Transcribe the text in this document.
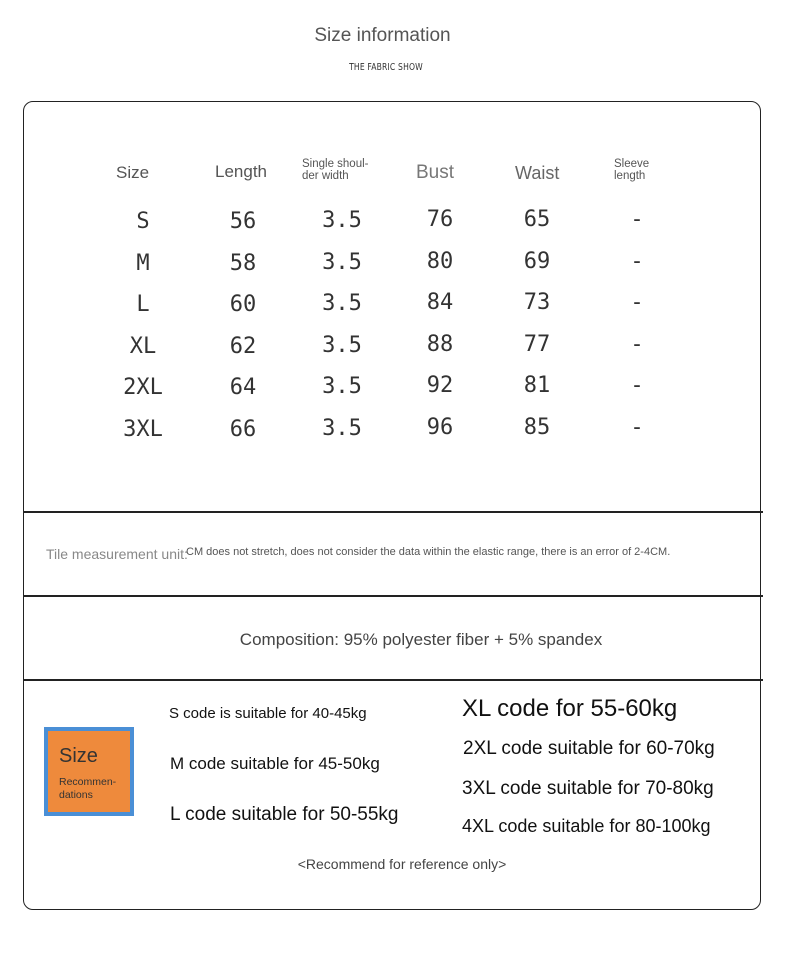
Size information
THE FABRIC SHOW
Size	Length	Single shoul-
der width	Bust	Waist	Sleeve
length
S	56	3.5	76	65	-
M	58	3.5	80	69	-
L	60	3.5	84	73	-
XL	62	3.5	88	77	-
2XL	64	3.5	92	81	-
3XL	66	3.5	96	85	-
Tile measurement unit:
CM does not stretch, does not consider the data within the elastic range, there is an error of 2-4CM.
Composition: 95% polyester fiber + 5% spandex
Size
Recommen-
dations
S code is suitable for 40-45kg
M code suitable for 45-50kg
L code suitable for 50-55kg
XL code for 55-60kg
2XL code suitable for 60-70kg
3XL code suitable for 70-80kg
4XL code suitable for 80-100kg
<Recommend for reference only>
